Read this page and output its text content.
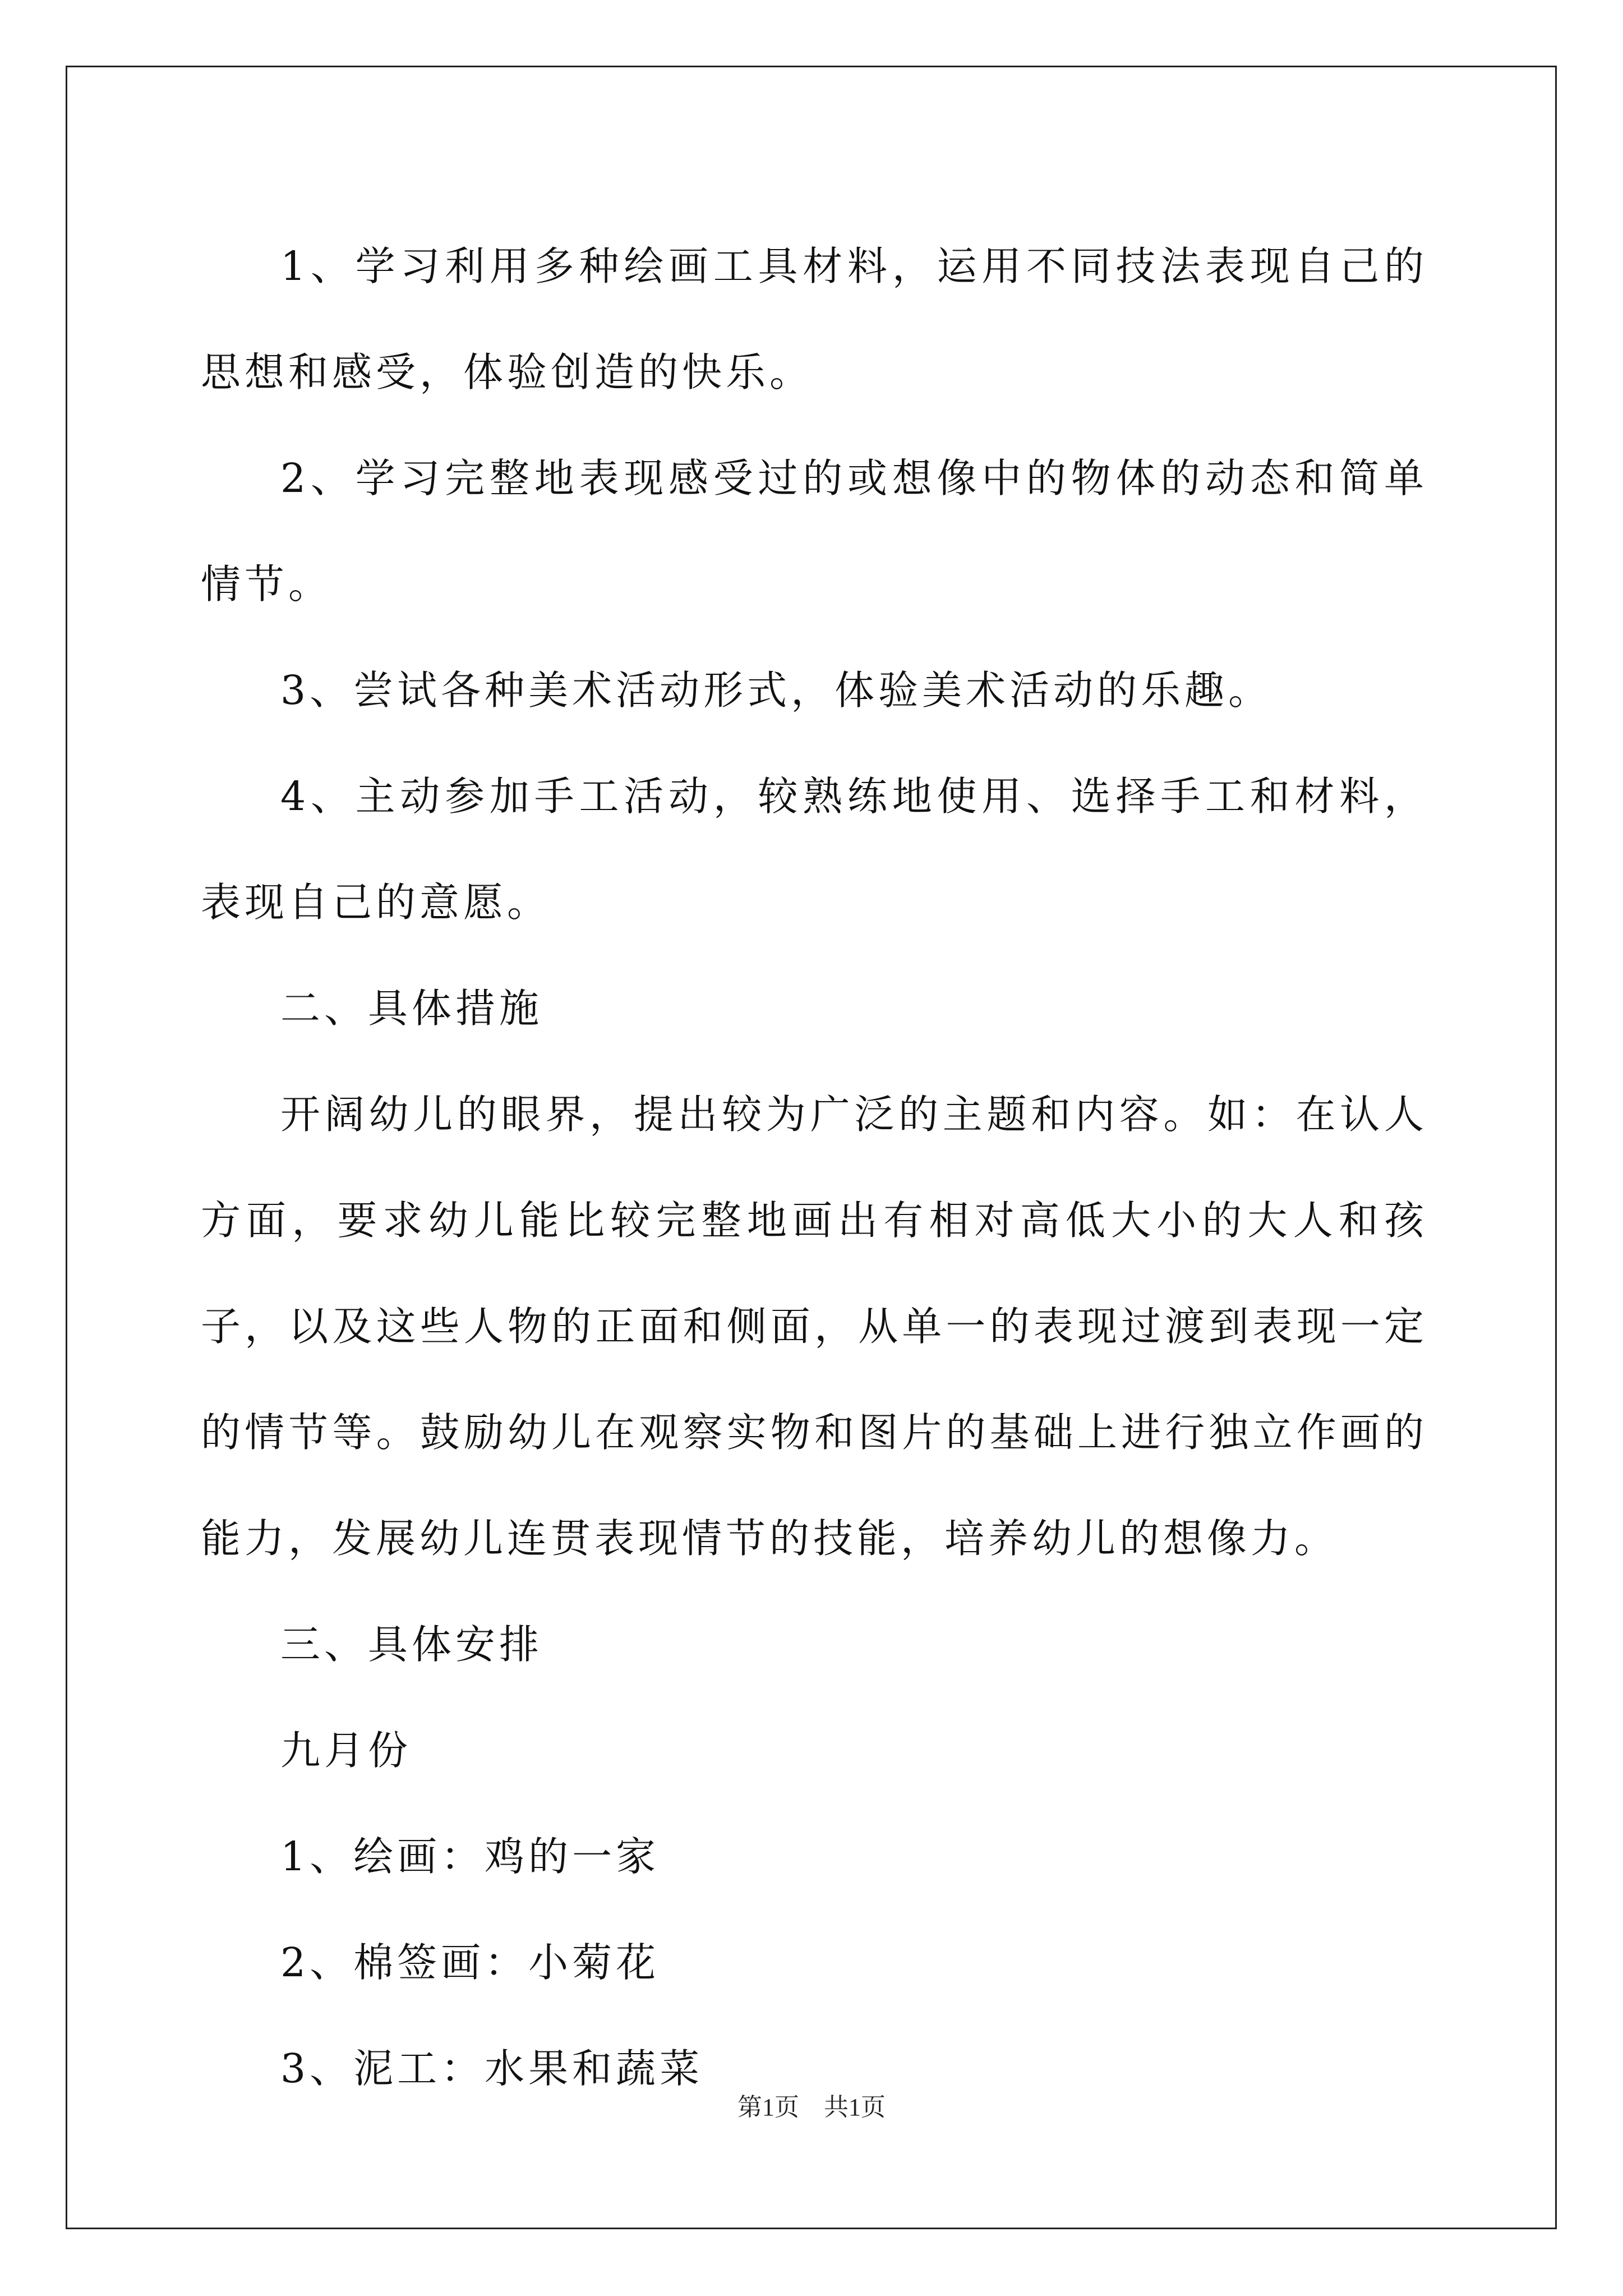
1、学习利用多种绘画工具材料，运用不同技法表现自己的思想和感受，体验创造的快乐。

2、学习完整地表现感受过的或想像中的物体的动态和简单情节。

3、尝试各种美术活动形式，体验美术活动的乐趣。

4、主动参加手工活动，较熟练地使用、选择手工和材料，表现自己的意愿。

二、具体措施

开阔幼儿的眼界，提出较为广泛的主题和内容。如：在认人方面，要求幼儿能比较完整地画出有相对高低大小的大人和孩子，以及这些人物的正面和侧面，从单一的表现过渡到表现一定的情节等。鼓励幼儿在观察实物和图片的基础上进行独立作画的能力，发展幼儿连贯表现情节的技能，培养幼儿的想像力。

三、具体安排

九月份

1、绘画：鸡的一家

2、棉签画：小菊花

3、泥工：水果和蔬菜

第1页　共1页
